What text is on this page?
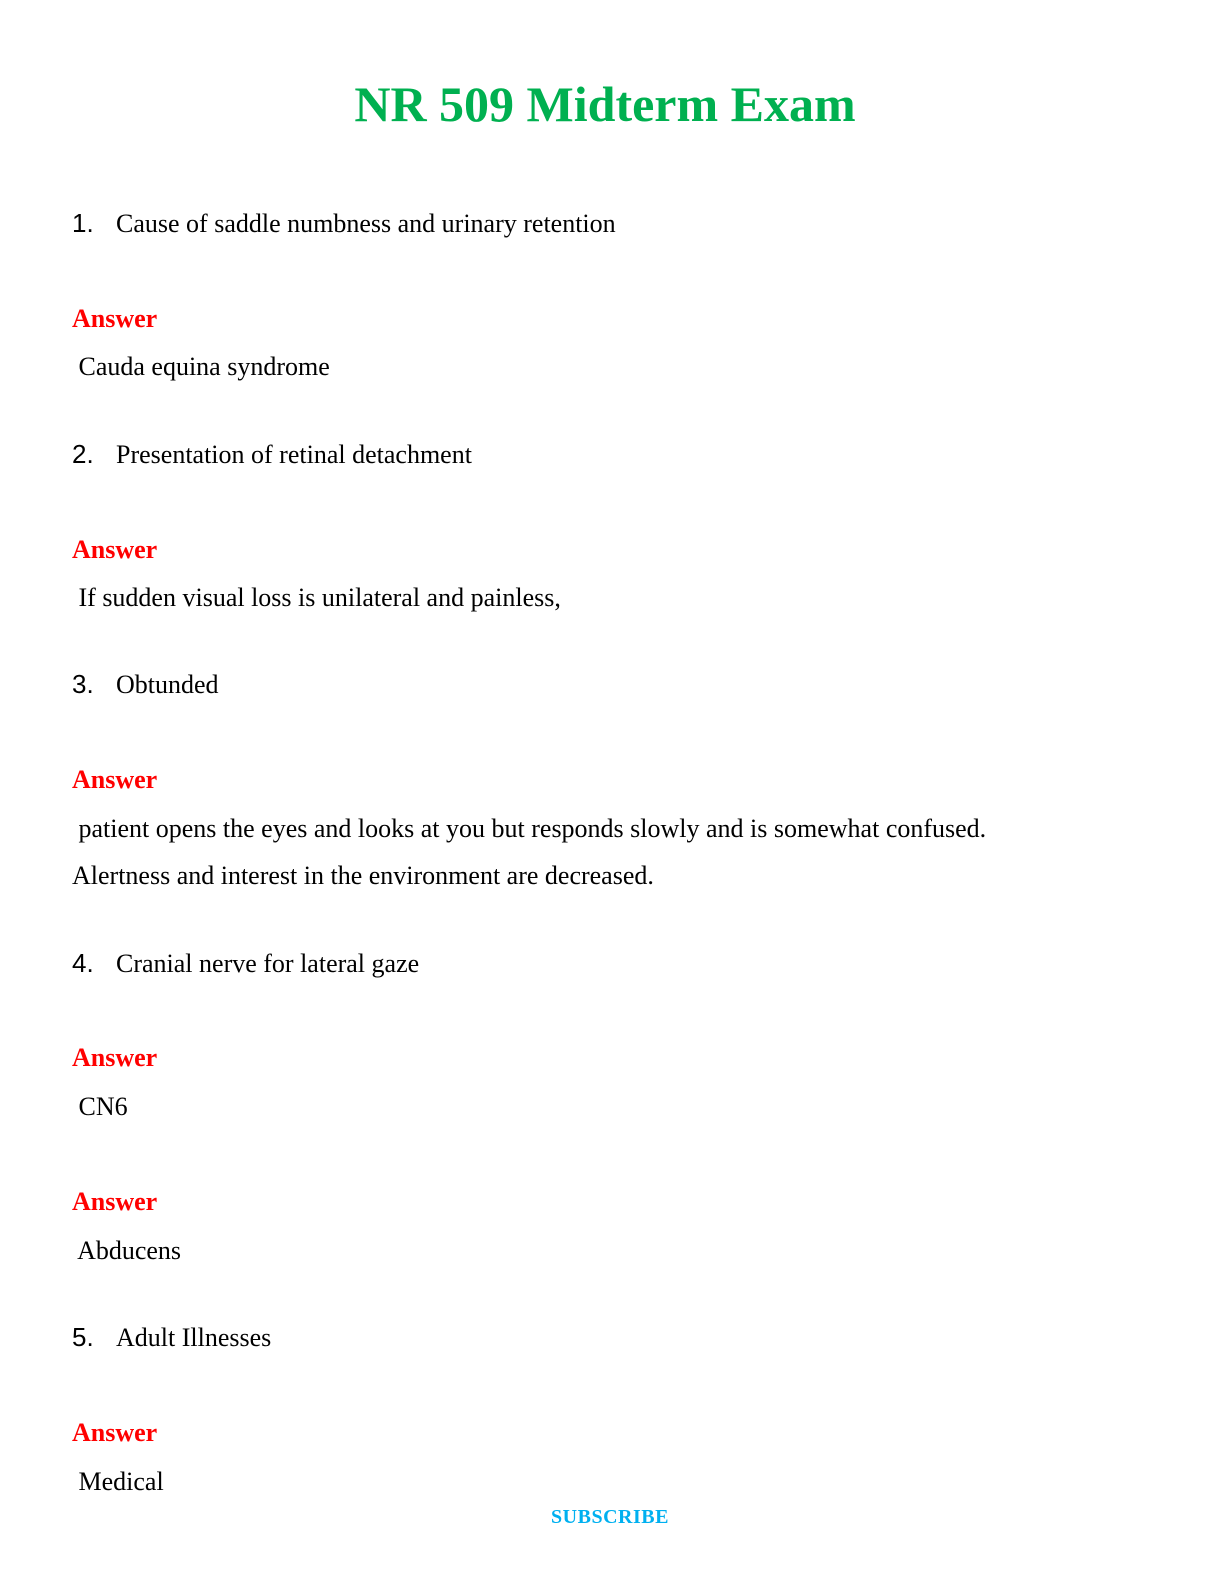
NR 509 Midterm Exam
1. Cause of saddle numbness and urinary retention
Answer
Cauda equina syndrome
2. Presentation of retinal detachment
Answer
If sudden visual loss is unilateral and painless,
3. Obtunded
Answer
patient opens the eyes and looks at you but responds slowly and is somewhat confused.
Alertness and interest in the environment are decreased.
4. Cranial nerve for lateral gaze
Answer
CN6
Answer
Abducens
5. Adult Illnesses
Answer
Medical
SUBSCRIBE
